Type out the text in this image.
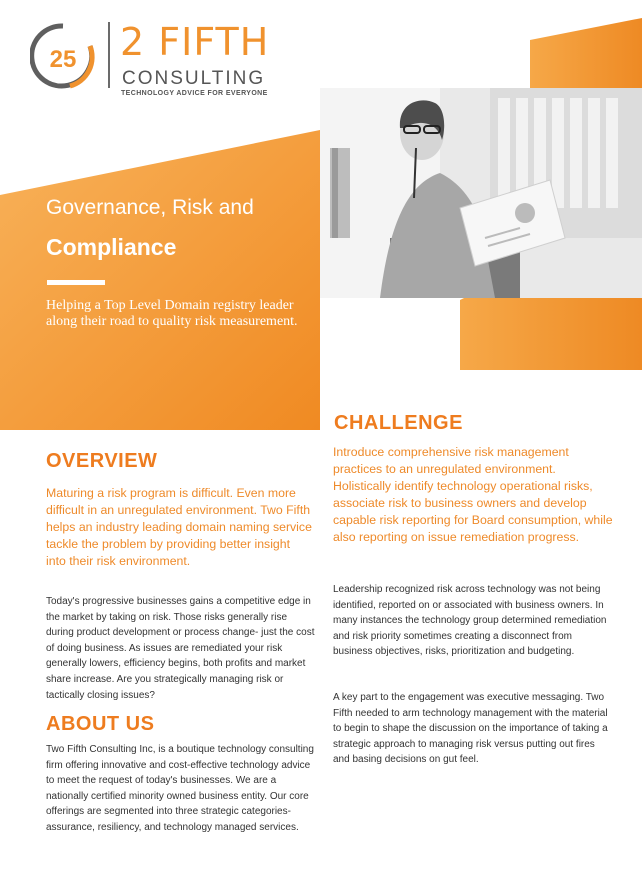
25 2 FIFTH
CONSULTING
TECHNOLOGY ADVICE FOR EVERYONE
Governance, Risk and
Compliance
Helping a Top Level Domain registry leader along their road to quality risk measurement.
CHALLENGE
Introduce comprehensive risk management practices to an unregulated environment. Holistically identify technology operational risks, associate risk to business owners and develop capable risk reporting for Board consumption, while also reporting on issue remediation progress.
Leadership recognized risk across technology was not being identified, reported on or associated with business owners. In many instances the technology group determined remediation and risk priority sometimes creating a disconnect from business objectives, risks, prioritization and budgeting.
A key part to the engagement was executive messaging. Two Fifth needed to arm technology management with the material to begin to shape the discussion on the importance of taking a strategic approach to managing risk versus putting out fires and basing decisions on gut feel.
OVERVIEW
Maturing a risk program is difficult. Even more difficult in an unregulated environment. Two Fifth helps an industry leading domain naming service tackle the problem by providing better insight into their risk environment.
Today's progressive businesses gains a competitive edge in the market by taking on risk. Those risks generally rise during product development or process change- just the cost of doing business. As issues are remediated your risk generally lowers, efficiency begins, both profits and market share increase. Are you strategically managing risk or tactically closing issues?
ABOUT US
Two Fifth Consulting Inc, is a boutique technology consulting firm offering innovative and cost-effective technology advice to meet the request of today's businesses. We are a nationally certified minority owned business entity. Our core offerings are segmented into three strategic categories- assurance, resiliency, and technology managed services.
